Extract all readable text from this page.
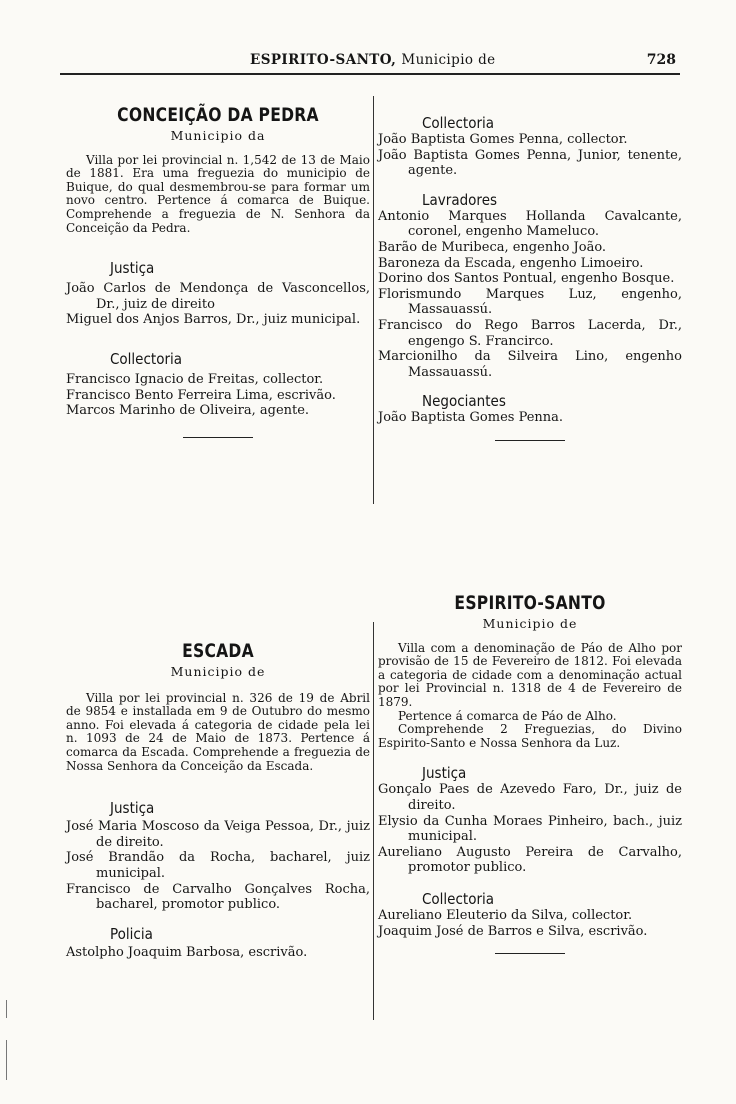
ESPIRITO-SANTO, Municipio de	728
CONCEIÇÃO DA PEDRA
Municipio da

Villa por lei provincial n. 1,542 de 13 de Maio de 1881. Era uma freguezia do municipio de Buique, do qual desmembrou-se para formar um novo centro. Pertence á comarca de Buique. Comprehende a freguezia de N. Senhora da Conceição da Pedra.

Justiça

João Carlos de Mendonça de Vasconcellos, Dr., juiz de direito

Miguel dos Anjos Barros, Dr., juiz municipal.

Collectoria

Francisco Ignacio de Freitas, collector.

Francisco Bento Ferreira Lima, escrivão.

Marcos Marinho de Oliveira, agente.

Collectoria

João Baptista Gomes Penna, collector.

João Baptista Gomes Penna, Junior, tenente, agente.

Lavradores

Antonio Marques Hollanda Cavalcante, coronel, engenho Mameluco.

Barão de Muribeca, engenho João.

Baroneza da Escada, engenho Limoeiro.

Dorino dos Santos Pontual, engenho Bosque.

Florismundo Marques Luz, engenho, Massauassú.

Francisco do Rego Barros Lacerda, Dr., engengo S. Francirco.

Marcionilho da Silveira Lino, engenho Massauassú.

Negociantes

João Baptista Gomes Penna.

ESPIRITO-SANTO
Municipio de

Villa com a denominação de Páo de Alho por provisão de 15 de Fevereiro de 1812. Foi elevada a categoria de cidade com a denominação actual por lei Provincial n. 1318 de 4 de Fevereiro de 1879.

Pertence á comarca de Páo de Alho.

Comprehende 2 Freguezias, do Divino Espirito-Santo e Nossa Senhora da Luz.

Justiça

Gonçalo Paes de Azevedo Faro, Dr., juiz de direito.

Elysio da Cunha Moraes Pinheiro, bach., juiz municipal.

Aureliano Augusto Pereira de Carvalho, promotor publico.

Collectoria

Aureliano Eleuterio da Silva, collector.

Joaquim José de Barros e Silva, escrivão.

ESCADA
Municipio de

Villa por lei provincial n. 326 de 19 de Abril de 9854 e installada em 9 de Outubro do mesmo anno. Foi elevada á categoria de cidade pela lei n. 1093 de 24 de Maio de 1873. Pertence á comarca da Escada. Comprehende a freguezia de Nossa Senhora da Conceição da Escada.

Justiça

José Maria Moscoso da Veiga Pessoa, Dr., juiz de direito.

José Brandão da Rocha, bacharel, juiz municipal.

Francisco de Carvalho Gonçalves Rocha, bacharel, promotor publico.

Policia

Astolpho Joaquim Barbosa, escrivão.
